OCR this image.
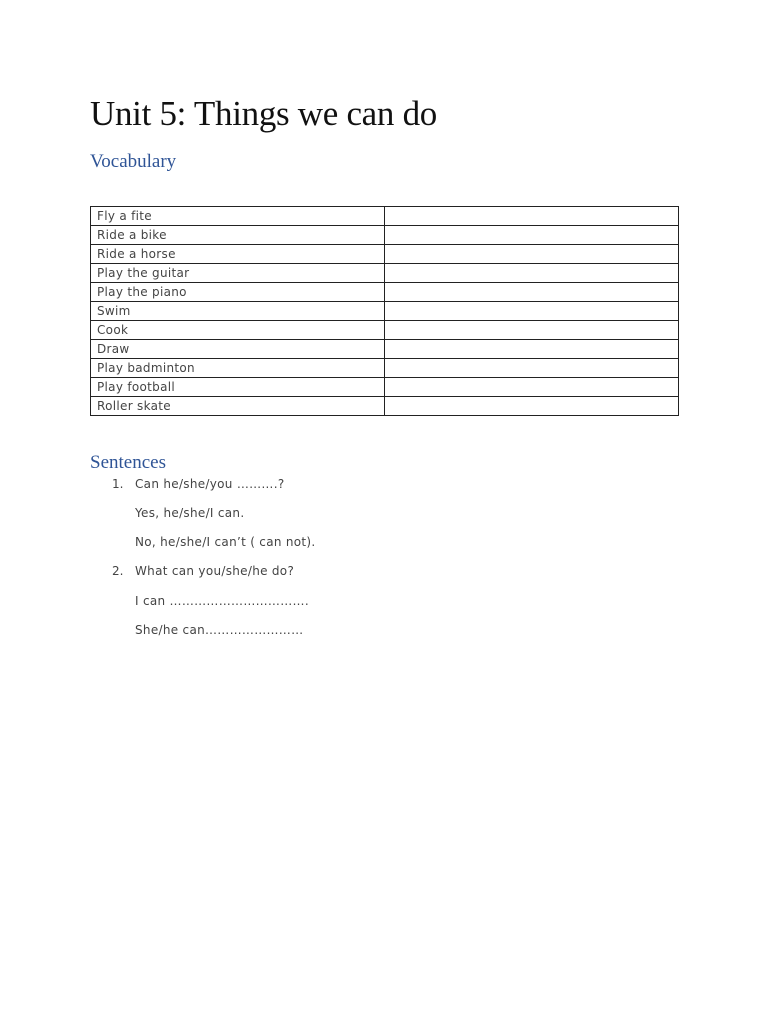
Unit 5: Things we can do
Vocabulary
Fly a fite	
Ride a bike	
Ride a horse	
Play the guitar	
Play the piano	
Swim	
Cook	
Draw	
Play badminton	
Play football	
Roller skate	
Sentences
1. Can he/she/you ……….?
Yes, he/she/I can.
No, he/she/I can’t ( can not).
2. What can you/she/he do?
I can …………………………….
She/he can……………………
